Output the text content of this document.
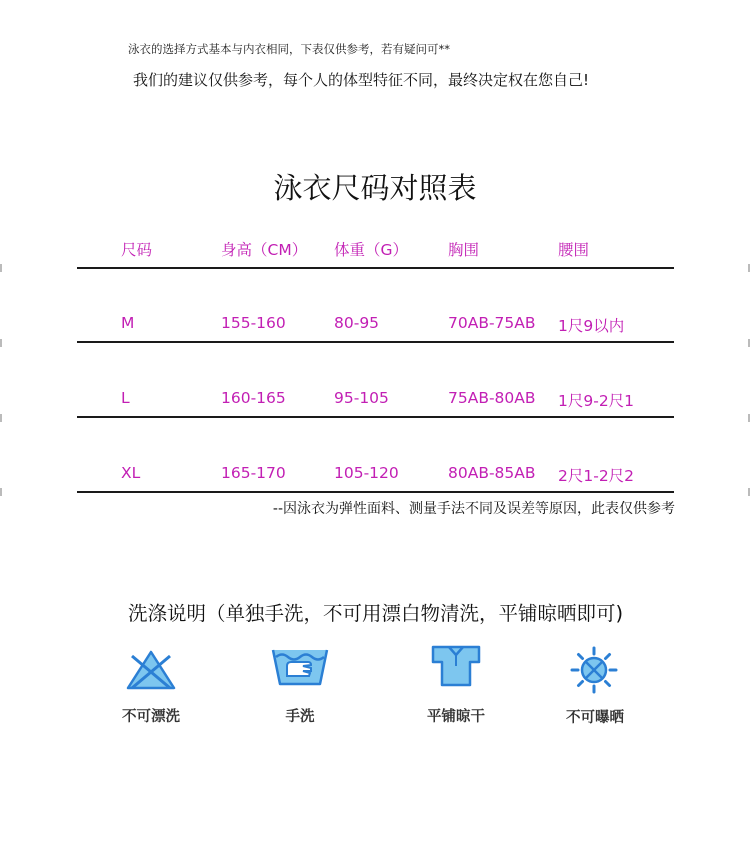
泳衣的选择方式基本与内衣相同，下表仅供参考，若有疑问可**
我们的建议仅供参考，每个人的体型特征不同，最终决定权在您自己!
泳衣尺码对照表
尺码	身高（CM） 体重（G）	胸围	腰围
M	155-160	80-95	70AB-75AB 1尺9以内
L	160-165	95-105	75AB-80AB 1尺9-2尺1
XL	165-170	105-120	80AB-85AB 2尺1-2尺2
--因泳衣为弹性面料、测量手法不同及误差等原因，此表仅供参考
洗涤说明（单独手洗，不可用漂白物清洗，平铺晾晒即可)
不可漂洗	手洗	平铺晾干	不可曝晒
